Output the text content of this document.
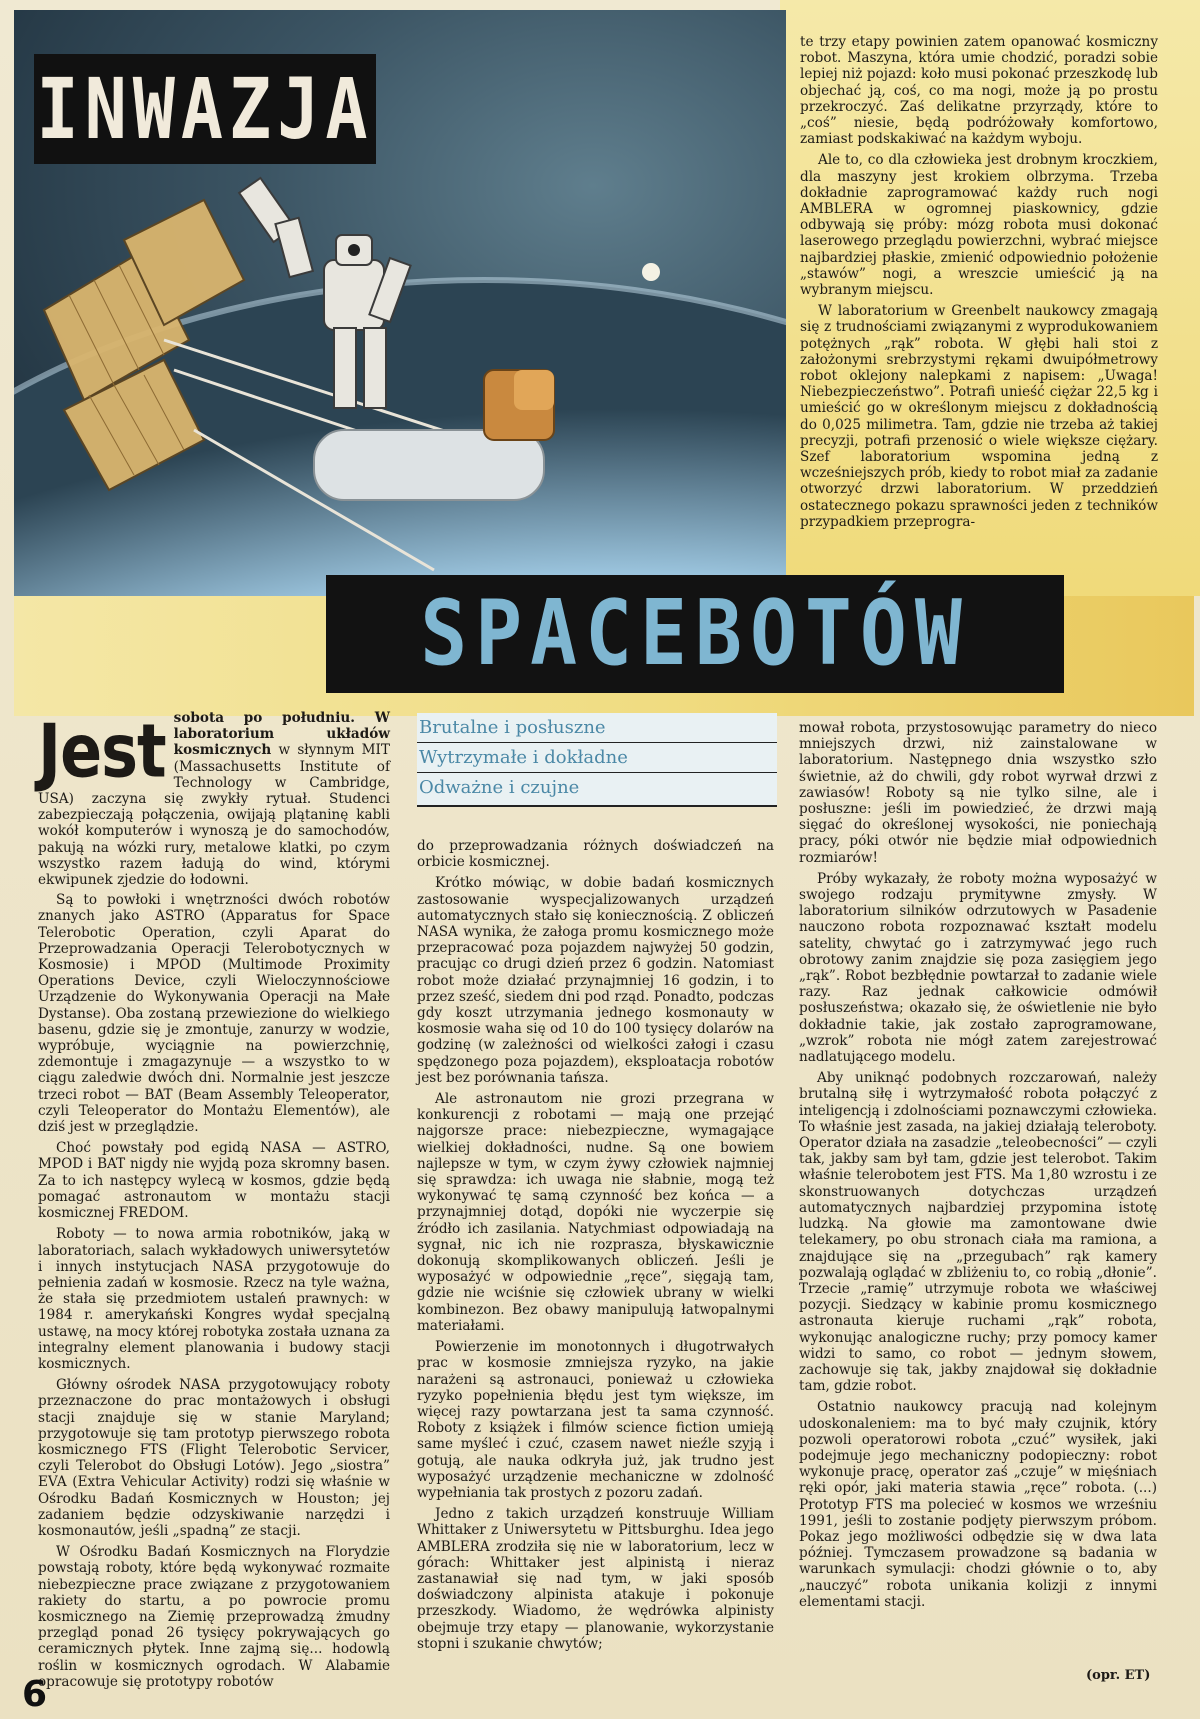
INWAZJA
SPACEBOTÓW

te trzy etapy powinien zatem opanować kosmiczny robot. Maszyna, która umie chodzić, poradzi sobie lepiej niż pojazd: koło musi pokonać przeszkodę lub objechać ją, coś, co ma nogi, może ją po prostu przekroczyć. Zaś delikatne przyrządy, które to „coś” niesie, będą podróżowały komfortowo, zamiast podskakiwać na każdym wyboju.

Ale to, co dla człowieka jest drobnym kroczkiem, dla maszyny jest krokiem olbrzyma. Trzeba dokładnie zaprogramować każdy ruch nogi AMBLERA w ogromnej piaskownicy, gdzie odbywają się próby: mózg robota musi dokonać laserowego przeglądu powierzchni, wybrać miejsce najbardziej płaskie, zmienić odpowiednio położenie „stawów” nogi, a wreszcie umieścić ją na wybranym miejscu.

W laboratorium w Greenbelt naukowcy zmagają się z trudnościami związanymi z wyprodukowaniem potężnych „rąk” robota. W głębi hali stoi z założonymi srebrzystymi rękami dwuipółmetrowy robot oklejony nalepkami z napisem: „Uwaga! Niebezpieczeństwo”. Potrafi unieść ciężar 22,5 kg i umieścić go w określonym miejscu z dokładnością do 0,025 milimetra. Tam, gdzie nie trzeba aż takiej precyzji, potrafi przenosić o wiele większe ciężary. Szef laboratorium wspomina jedną z wcześniejszych prób, kiedy to robot miał za zadanie otworzyć drzwi laboratorium. W przeddzień ostatecznego pokazu sprawności jeden z techników przypadkiem przeprogra-

Brutalne i posłuszne
Wytrzymałe i dokładne
Odważne i czujne
Jest sobota po południu. W laboratorium układów kosmicznych w słynnym MIT (Massachusetts Institute of Technology w Cambridge, USA) zaczyna się zwykły rytuał. Studenci zabezpieczają połączenia, owijają plątaninę kabli wokół komputerów i wynoszą je do samochodów, pakują na wózki rury, metalowe klatki, po czym wszystko razem ładują do wind, którymi ekwipunek zjedzie do łodowni.

Są to powłoki i wnętrzności dwóch robotów znanych jako ASTRO (Apparatus for Space Telerobotic Operation, czyli Aparat do Przeprowadzania Operacji Telerobotycznych w Kosmosie) i MPOD (Multimode Proximity Operations Device, czyli Wieloczynnościowe Urządzenie do Wykonywania Operacji na Małe Dystanse). Oba zostaną przewiezione do wielkiego basenu, gdzie się je zmontuje, zanurzy w wodzie, wypróbuje, wyciągnie na powierzchnię, zdemontuje i zmagazynuje — a wszystko to w ciągu zaledwie dwóch dni. Normalnie jest jeszcze trzeci robot — BAT (Beam Assembly Teleoperator, czyli Teleoperator do Montażu Elementów), ale dziś jest w przeglądzie.

Choć powstały pod egidą NASA — ASTRO, MPOD i BAT nigdy nie wyjdą poza skromny basen. Za to ich następcy wylecą w kosmos, gdzie będą pomagać astronautom w montażu stacji kosmicznej FREDOM.

Roboty — to nowa armia robotników, jaką w laboratoriach, salach wykładowych uniwersytetów i innych instytucjach NASA przygotowuje do pełnienia zadań w kosmosie. Rzecz na tyle ważna, że stała się przedmiotem ustaleń prawnych: w 1984 r. amerykański Kongres wydał specjalną ustawę, na mocy której robotyka została uznana za integralny element planowania i budowy stacji kosmicznych.

Główny ośrodek NASA przygotowujący roboty przeznaczone do prac montażowych i obsługi stacji znajduje się w stanie Maryland; przygotowuje się tam prototyp pierwszego robota kosmicznego FTS (Flight Telerobotic Servicer, czyli Telerobot do Obsługi Lotów). Jego „siostra” EVA (Extra Vehicular Activity) rodzi się właśnie w Ośrodku Badań Kosmicznych w Houston; jej zadaniem będzie odzyskiwanie narzędzi i kosmonautów, jeśli „spadną” ze stacji.

W Ośrodku Badań Kosmicznych na Florydzie powstają roboty, które będą wykonywać rozmaite niebezpieczne prace związane z przygotowaniem rakiety do startu, a po powrocie promu kosmicznego na Ziemię przeprowadzą żmudny przegląd ponad 26 tysięcy pokrywających go ceramicznych płytek. Inne zajmą się... hodowlą roślin w kosmicznych ogrodach. W Alabamie opracowuje się prototypy robotów

do przeprowadzania różnych doświadczeń na orbicie kosmicznej.

Krótko mówiąc, w dobie badań kosmicznych zastosowanie wyspecjalizowanych urządzeń automatycznych stało się koniecznością. Z obliczeń NASA wynika, że załoga promu kosmicznego może przepracować poza pojazdem najwyżej 50 godzin, pracując co drugi dzień przez 6 godzin. Natomiast robot może działać przynajmniej 16 godzin, i to przez sześć, siedem dni pod rząd. Ponadto, podczas gdy koszt utrzymania jednego kosmonauty w kosmosie waha się od 10 do 100 tysięcy dolarów na godzinę (w zależności od wielkości załogi i czasu spędzonego poza pojazdem), eksploatacja robotów jest bez porównania tańsza.

Ale astronautom nie grozi przegrana w konkurencji z robotami — mają one przejąć najgorsze prace: niebezpieczne, wymagające wielkiej dokładności, nudne. Są one bowiem najlepsze w tym, w czym żywy człowiek najmniej się sprawdza: ich uwaga nie słabnie, mogą też wykonywać tę samą czynność bez końca — a przynajmniej dotąd, dopóki nie wyczerpie się źródło ich zasilania. Natychmiast odpowiadają na sygnał, nic ich nie rozprasza, błyskawicznie dokonują skomplikowanych obliczeń. Jeśli je wyposażyć w odpowiednie „ręce”, sięgają tam, gdzie nie wciśnie się człowiek ubrany w wielki kombinezon. Bez obawy manipulują łatwopalnymi materiałami.

Powierzenie im monotonnych i długotrwałych prac w kosmosie zmniejsza ryzyko, na jakie narażeni są astronauci, ponieważ u człowieka ryzyko popełnienia błędu jest tym większe, im więcej razy powtarzana jest ta sama czynność. Roboty z książek i filmów science fiction umieją same myśleć i czuć, czasem nawet nieźle szyją i gotują, ale nauka odkryła już, jak trudno jest wyposażyć urządzenie mechaniczne w zdolność wypełniania tak prostych z pozoru zadań.

Jedno z takich urządzeń konstruuje William Whittaker z Uniwersytetu w Pittsburghu. Idea jego AMBLERA zrodziła się nie w laboratorium, lecz w górach: Whittaker jest alpinistą i nieraz zastanawiał się nad tym, w jaki sposób doświadczony alpinista atakuje i pokonuje przeszkody. Wiadomo, że wędrówka alpinisty obejmuje trzy etapy — planowanie, wykorzystanie stopni i szukanie chwytów;

mował robota, przystosowując parametry do nieco mniejszych drzwi, niż zainstalowane w laboratorium. Następnego dnia wszystko szło świetnie, aż do chwili, gdy robot wyrwał drzwi z zawiasów! Roboty są nie tylko silne, ale i posłuszne: jeśli im powiedzieć, że drzwi mają sięgać do określonej wysokości, nie poniechają pracy, póki otwór nie będzie miał odpowiednich rozmiarów!

Próby wykazały, że roboty można wyposażyć w swojego rodzaju prymitywne zmysły. W laboratorium silników odrzutowych w Pasadenie nauczono robota rozpoznawać kształt modelu satelity, chwytać go i zatrzymywać jego ruch obrotowy zanim znajdzie się poza zasięgiem jego „rąk”. Robot bezbłędnie powtarzał to zadanie wiele razy. Raz jednak całkowicie odmówił posłuszeństwa; okazało się, że oświetlenie nie było dokładnie takie, jak zostało zaprogramowane, „wzrok” robota nie mógł zatem zarejestrować nadlatującego modelu.

Aby uniknąć podobnych rozczarowań, należy brutalną siłę i wytrzymałość robota połączyć z inteligencją i zdolnościami poznawczymi człowieka. To właśnie jest zasada, na jakiej działają teleroboty. Operator działa na zasadzie „teleobecności” — czyli tak, jakby sam był tam, gdzie jest telerobot. Takim właśnie telerobotem jest FTS. Ma 1,80 wzrostu i ze skonstruowanych dotychczas urządzeń automatycznych najbardziej przypomina istotę ludzką. Na głowie ma zamontowane dwie telekamery, po obu stronach ciała ma ramiona, a znajdujące się na „przegubach” rąk kamery pozwalają oglądać w zbliżeniu to, co robią „dłonie”. Trzecie „ramię” utrzymuje robota we właściwej pozycji. Siedzący w kabinie promu kosmicznego astronauta kieruje ruchami „rąk” robota, wykonując analogiczne ruchy; przy pomocy kamer widzi to samo, co robot — jednym słowem, zachowuje się tak, jakby znajdował się dokładnie tam, gdzie robot.

Ostatnio naukowcy pracują nad kolejnym udoskonaleniem: ma to być mały czujnik, który pozwoli operatorowi robota „czuć” wysiłek, jaki podejmuje jego mechaniczny podopieczny: robot wykonuje pracę, operator zaś „czuje” w mięśniach ręki opór, jaki materia stawia „ręce” robota. (...) Prototyp FTS ma polecieć w kosmos we wrześniu 1991, jeśli to zostanie podjęty pierwszym próbom. Pokaz jego możliwości odbędzie się w dwa lata później. Tymczasem prowadzone są badania w warunkach symulacji: chodzi głównie o to, aby „nauczyć” robota unikania kolizji z innymi elementami stacji.

6	(opr. ET)
